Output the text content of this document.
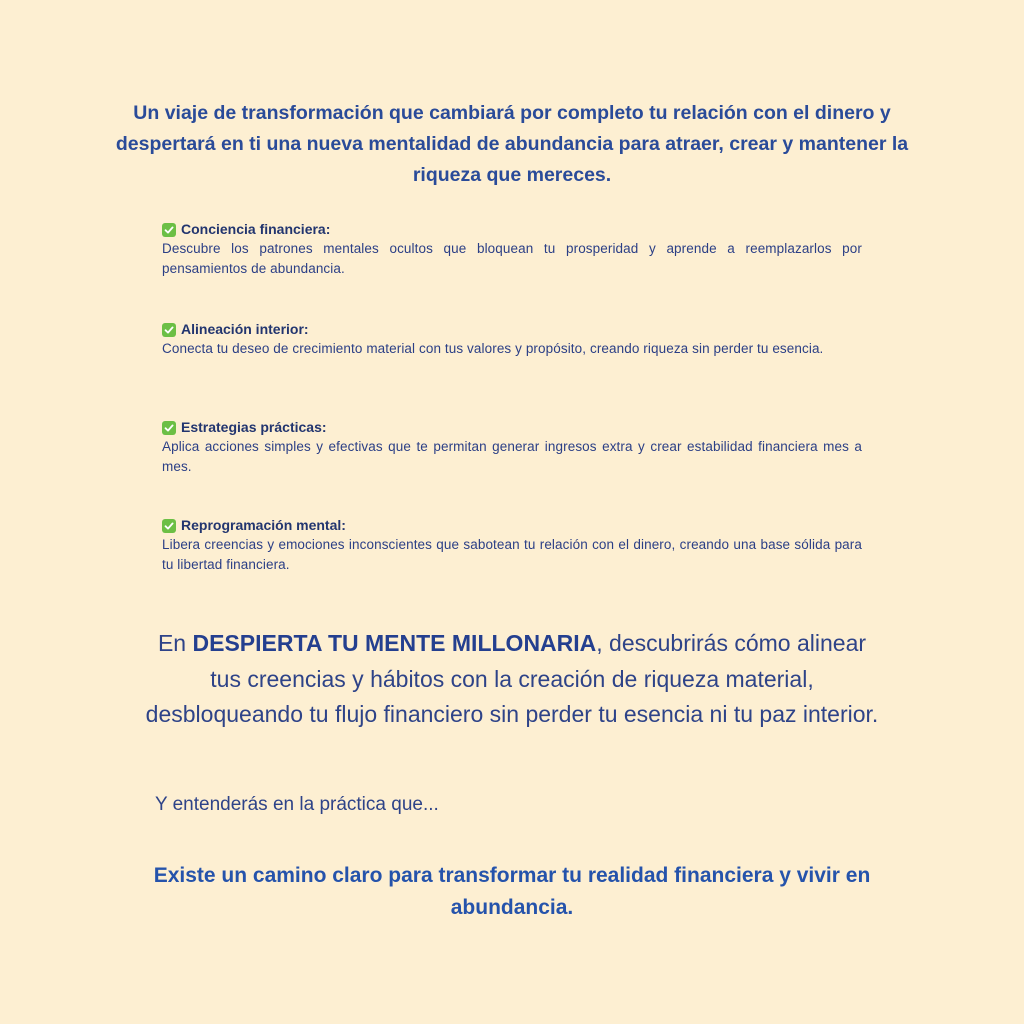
Un viaje de transformación que cambiará por completo tu relación con el dinero y despertará en ti una nueva mentalidad de abundancia para atraer, crear y mantener la riqueza que mereces.
Conciencia financiera:
Descubre los patrones mentales ocultos que bloquean tu prosperidad y aprende a reemplazarlos por pensamientos de abundancia.
Alineación interior:
Conecta tu deseo de crecimiento material con tus valores y propósito, creando riqueza sin perder tu esencia.
Estrategias prácticas:
Aplica acciones simples y efectivas que te permitan generar ingresos extra y crear estabilidad financiera mes a mes.
Reprogramación mental:
Libera creencias y emociones inconscientes que sabotean tu relación con el dinero, creando una base sólida para tu libertad financiera.
En DESPIERTA TU MENTE MILLONARIA, descubrirás cómo alinear tus creencias y hábitos con la creación de riqueza material, desbloqueando tu flujo financiero sin perder tu esencia ni tu paz interior.
Y entenderás en la práctica que...
Existe un camino claro para transformar tu realidad financiera y vivir en abundancia.
